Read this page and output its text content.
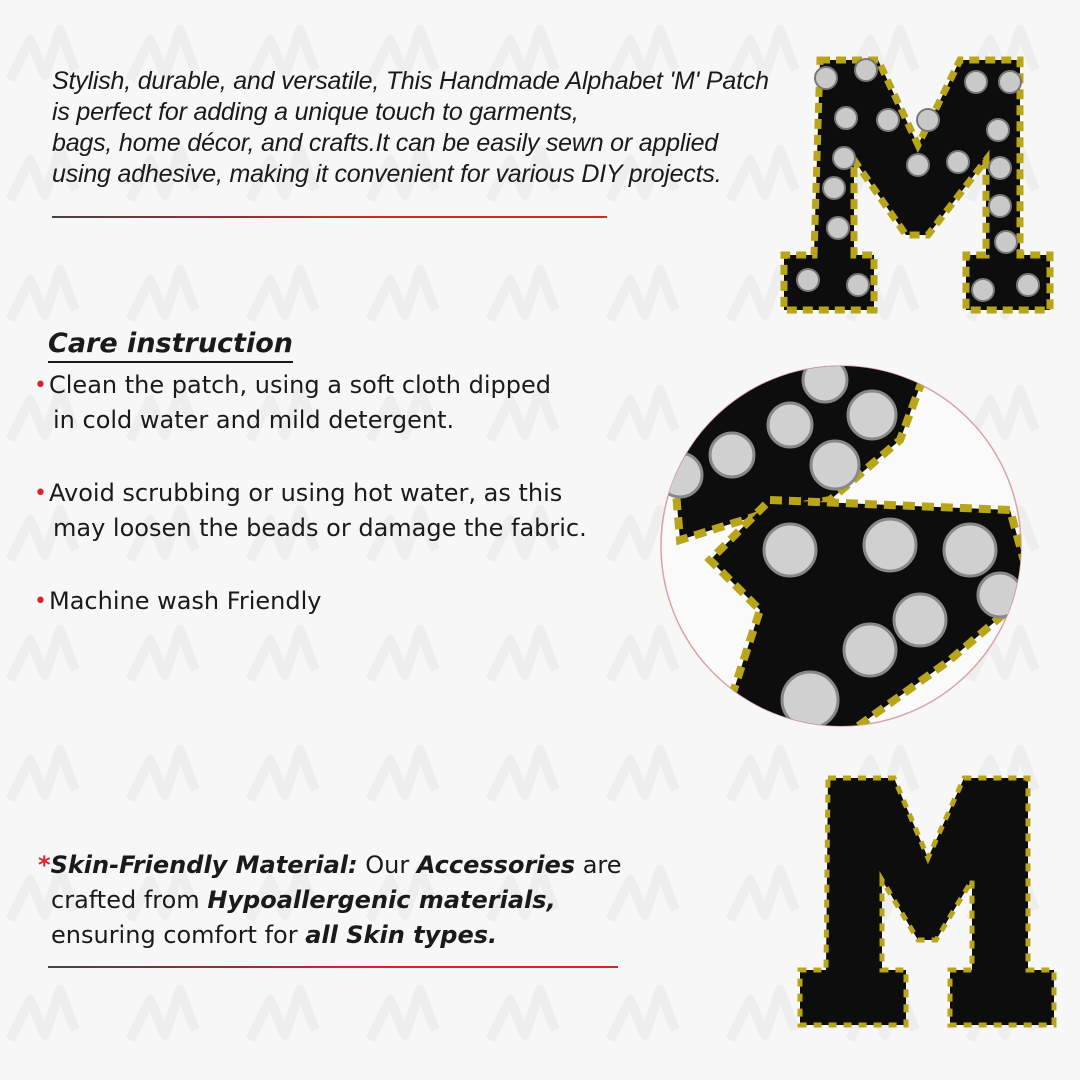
Stylish, durable, and versatile, This Handmade Alphabet 'M' Patch

is perfect for adding a unique touch to garments,

bags, home décor, and crafts.It can be easily sewn or applied

using adhesive, making it convenient for various DIY projects.

Care instruction
• Clean the patch, using a soft cloth dipped
in cold water and mild detergent.
• Avoid scrubbing or using hot water, as this
may loosen the beads or damage the fabric.
• Machine wash Friendly
*Skin-Friendly Material: Our Accessories are
crafted from Hypoallergenic materials,
ensuring comfort for all Skin types.
